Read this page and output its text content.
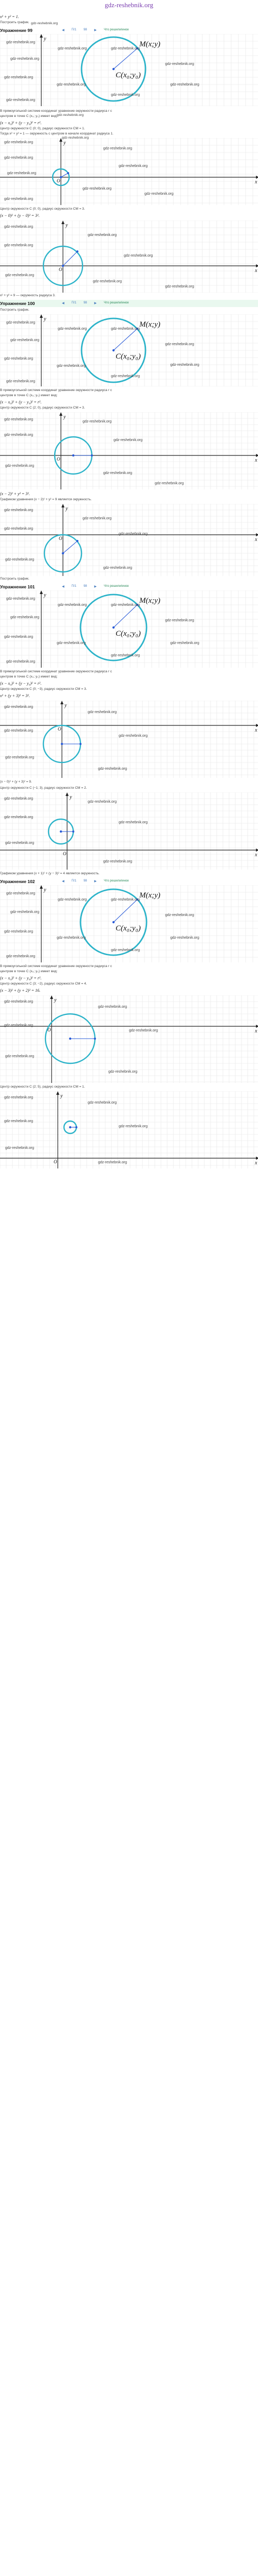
gdz-reshebnik.org
x² + y² = 1.
Построить график.
Упражнение 99	◀ П/1 98 ▶ Что решили/иное
gdz-reshebnik.org
y
C(x₀;y₀)
M(x;y)
gdz-reshebnik.org
gdz-reshebnik.org
gdz-reshebnik.org
gdz-reshebnik.org
gdz-reshebnik.org
gdz-reshebnik.org
gdz-reshebnik.org
gdz-reshebnik.org
gdz-reshebnik.org
gdz-reshebnik.org
В прямоугольной системе координат уравнение окружности радиуса r с
центром в точке C (x₀; y₀) имеет вид:
gdz-reshebnik.org
(x − x₀)² + (y − y₀)² = r².
Центр окружности C (0; 0), радиус окружности CM = 1.
Тогда x² + y² = 1 — окружность с центром в начале координат радиуса 1.
x
y
O
gdz-reshebnik.org
gdz-reshebnik.org
gdz-reshebnik.org
gdz-reshebnik.org
gdz-reshebnik.org
gdz-reshebnik.org
gdz-reshebnik.org
gdz-reshebnik.org
gdz-reshebnik.org
Центр окружности C (0; 0), радиус окружности CM = 3.
(x − 0)² + (y − 0)² = 3².
x
y
O
gdz-reshebnik.org
gdz-reshebnik.org
gdz-reshebnik.org
gdz-reshebnik.org
gdz-reshebnik.org
gdz-reshebnik.org
gdz-reshebnik.org
x² + y² = 9 — окружность радиуса 3.
Упражнение 100	◀ П/1 98 ▶ Что решили/иное
Построить график.
y
C(x₀;y₀)
M(x;y)
gdz-reshebnik.org
gdz-reshebnik.org
gdz-reshebnik.org
gdz-reshebnik.org
gdz-reshebnik.org
gdz-reshebnik.org
gdz-reshebnik.org
gdz-reshebnik.org
gdz-reshebnik.org
gdz-reshebnik.org
В прямоугольной системе координат уравнение окружности радиуса r с
центром в точке C (x₀; y₀) имеет вид:
(x − x₀)² + (y − y₀)² = r².
Центр окружности C (2; 0), радиус окружности CM = 3.
x
y
O
gdz-reshebnik.org
gdz-reshebnik.org
gdz-reshebnik.org
gdz-reshebnik.org
gdz-reshebnik.org
gdz-reshebnik.org
gdz-reshebnik.org
(x − 2)² + y² = 3².
Графиком уравнения (x − 2)² + y² = 9 является окружность.
x
y
O
gdz-reshebnik.org
gdz-reshebnik.org
gdz-reshebnik.org
gdz-reshebnik.org
gdz-reshebnik.org
gdz-reshebnik.org
Построить график.
Упражнение 101	◀ П/1 98 ▶ Что решили/иное
y
C(x₀;y₀)
M(x;y)
gdz-reshebnik.org
gdz-reshebnik.org
gdz-reshebnik.org
gdz-reshebnik.org
gdz-reshebnik.org
gdz-reshebnik.org
gdz-reshebnik.org
gdz-reshebnik.org
gdz-reshebnik.org
gdz-reshebnik.org
В прямоугольной системе координат уравнение окружности радиуса r с
центром в точке C (x₀; y₀) имеет вид:
(x − x₀)² + (y − y₀)² = r².
Центр окружности C (0; −3), радиус окружности CM = 3.
x² + (y + 3)² = 3².
x
y
O
gdz-reshebnik.org
gdz-reshebnik.org
gdz-reshebnik.org
gdz-reshebnik.org
gdz-reshebnik.org
gdz-reshebnik.org
(x − 0)² + (y + 3)² = 9.
Центр окружности C (−1; 3), радиус окружности CM = 2.
x
y
O
gdz-reshebnik.org
gdz-reshebnik.org
gdz-reshebnik.org
gdz-reshebnik.org
gdz-reshebnik.org
gdz-reshebnik.org
Графиком уравнения (x + 1)² + (y − 3)² = 4 является окружность.
Упражнение 102	◀ П/1 98 ▶ Что решили/иное
y
C(x₀;y₀)
M(x;y)
gdz-reshebnik.org
gdz-reshebnik.org
gdz-reshebnik.org
gdz-reshebnik.org
gdz-reshebnik.org
gdz-reshebnik.org
gdz-reshebnik.org
gdz-reshebnik.org
gdz-reshebnik.org
gdz-reshebnik.org
В прямоугольной системе координат уравнение окружности радиуса r с
центром в точке C (x₀; y₀) имеет вид:
(x − x₀)² + (y − y₀)² = r².
Центр окружности C (3; −2), радиус окружности CM = 4.
(x − 3)² + (y + 2)² = 16.
x
y
O
gdz-reshebnik.org
gdz-reshebnik.org
gdz-reshebnik.org
gdz-reshebnik.org
gdz-reshebnik.org
gdz-reshebnik.org
Центр окружности C (2; 5), радиус окружности CM = 1.
x
y
O
gdz-reshebnik.org
gdz-reshebnik.org
gdz-reshebnik.org
gdz-reshebnik.org
gdz-reshebnik.org
gdz-reshebnik.org
